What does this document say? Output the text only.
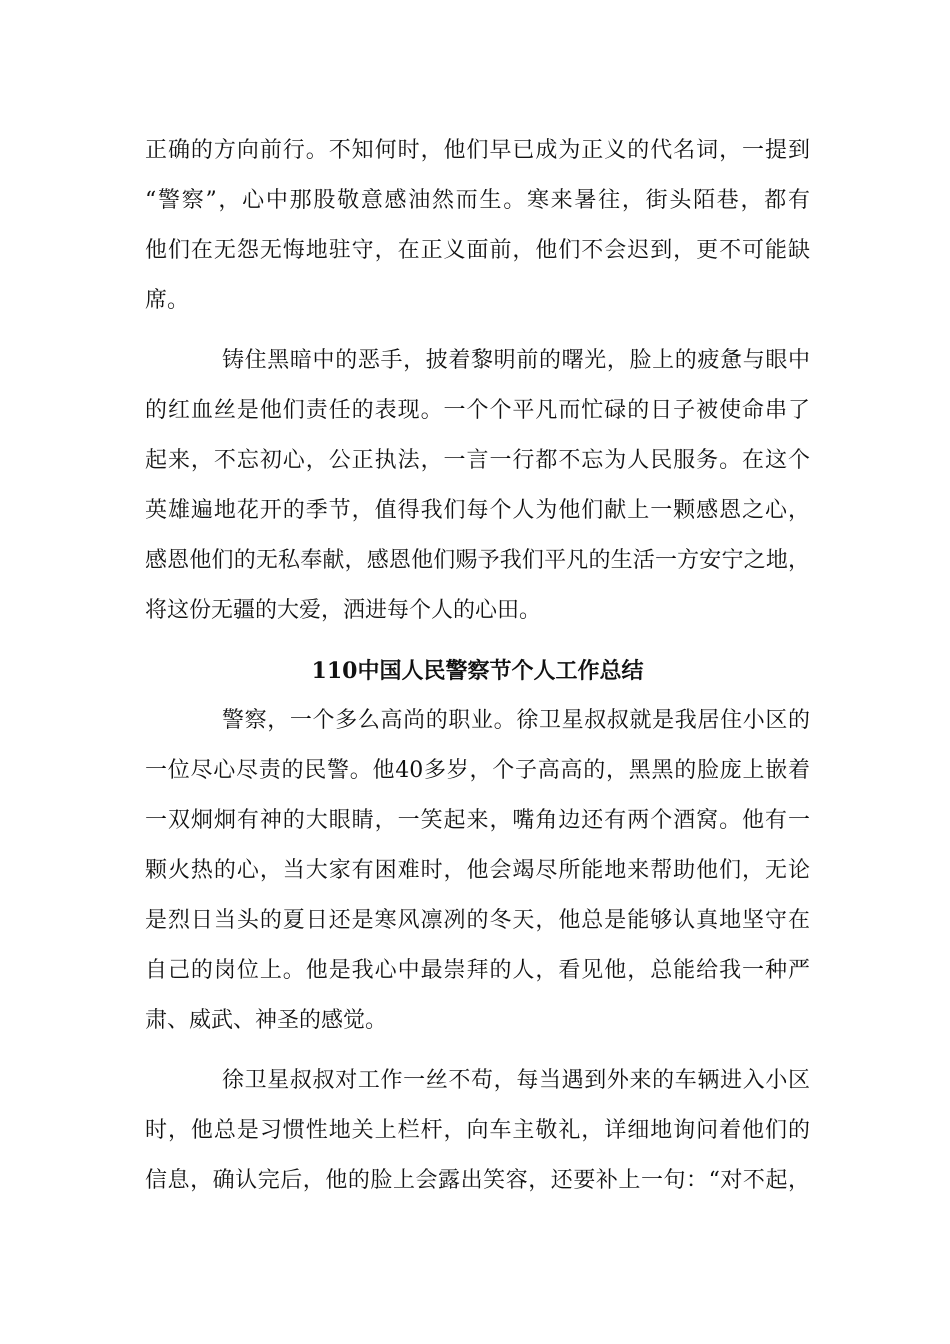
正确的方向前行。不知何时，他们早已成为正义的代名词，一提到
“警察”，心中那股敬意感油然而生。寒来暑往，街头陌巷，都有
他们在无怨无悔地驻守，在正义面前，他们不会迟到，更不可能缺
席。
铸住黑暗中的恶手，披着黎明前的曙光，脸上的疲惫与眼中
的红血丝是他们责任的表现。一个个平凡而忙碌的日子被使命串了
起来，不忘初心，公正执法，一言一行都不忘为人民服务。在这个
英雄遍地花开的季节，值得我们每个人为他们献上一颗感恩之心，
感恩他们的无私奉献，感恩他们赐予我们平凡的生活一方安宁之地，
将这份无疆的大爱，洒进每个人的心田。
110中国人民警察节个人工作总结
警察，一个多么高尚的职业。徐卫星叔叔就是我居住小区的
一位尽心尽责的民警。他40多岁，个子高高的，黑黑的脸庞上嵌着
一双炯炯有神的大眼睛，一笑起来，嘴角边还有两个酒窝。他有一
颗火热的心，当大家有困难时，他会竭尽所能地来帮助他们，无论
是烈日当头的夏日还是寒风凛冽的冬天，他总是能够认真地坚守在
自己的岗位上。他是我心中最崇拜的人，看见他，总能给我一种严
肃、威武、神圣的感觉。
徐卫星叔叔对工作一丝不苟，每当遇到外来的车辆进入小区
时，他总是习惯性地关上栏杆，向车主敬礼，详细地询问着他们的
信息，确认完后，他的脸上会露出笑容，还要补上一句：“对不起，
